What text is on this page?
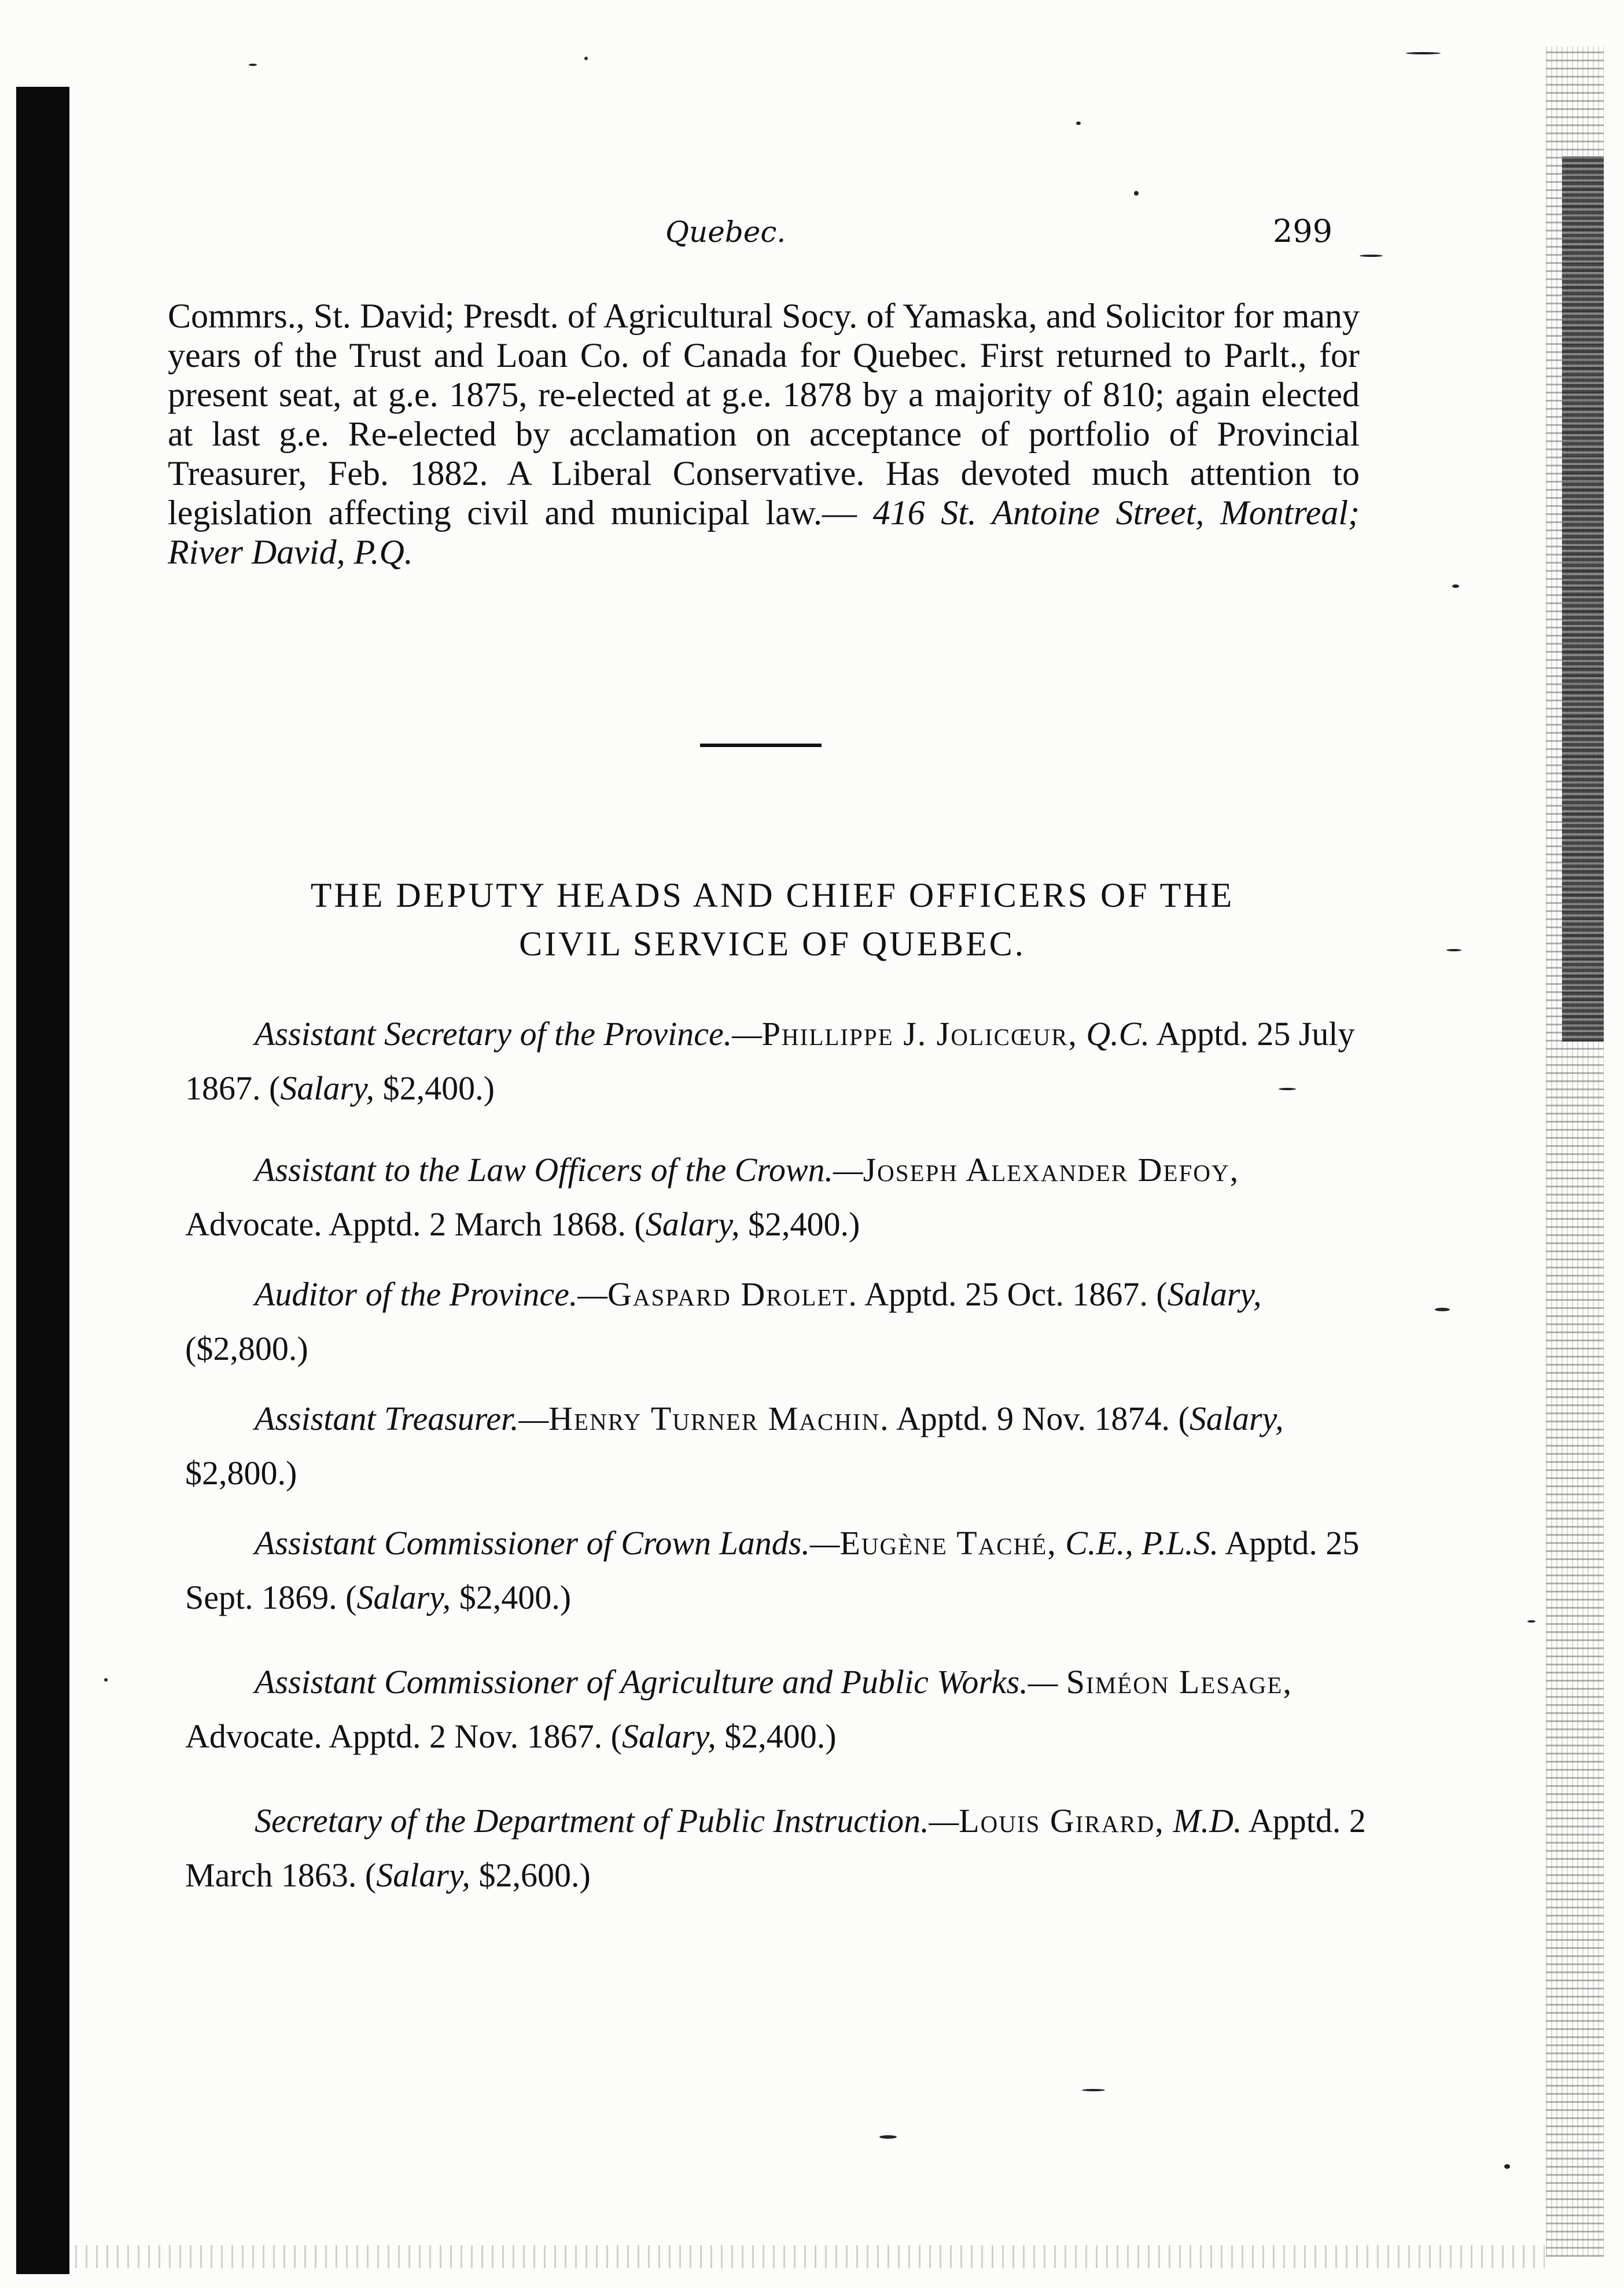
Quebec.	299
Commrs., St. David; Presdt. of Agricultural Socy. of Yamaska, and Solicitor for many years of the Trust and Loan Co. of Canada for Quebec. First returned to Parlt., for present seat, at g.e. 1875, re-elected at g.e. 1878 by a majority of 810; again elected at last g.e. Re-elected by acclamation on acceptance of portfolio of Provincial Treasurer, Feb. 1882. A Liberal Conservative. Has devoted much attention to legislation affecting civil and municipal law.— 416 St. Antoine Street, Montreal; River David, P.Q.
THE DEPUTY HEADS AND CHIEF OFFICERS OF THE
CIVIL SERVICE OF QUEBEC.
Assistant Secretary of the Province.—Phillippe J. Jolicœur, Q.C. Apptd. 25 July 1867. (Salary, $2,400.)
Assistant to the Law Officers of the Crown.—Joseph Alexander Defoy, Advocate. Apptd. 2 March 1868. (Salary, $2,400.)
Auditor of the Province.—Gaspard Drolet. Apptd. 25 Oct. 1867. (Salary, ($2,800.)
Assistant Treasurer.—Henry Turner Machin. Apptd. 9 Nov. 1874. (Salary, $2,800.)
Assistant Commissioner of Crown Lands.—Eugène Taché, C.E., P.L.S. Apptd. 25 Sept. 1869. (Salary, $2,400.)
Assistant Commissioner of Agriculture and Public Works.— Siméon Lesage, Advocate. Apptd. 2 Nov. 1867. (Salary, $2,400.)
Secretary of the Department of Public Instruction.—Louis Girard, M.D. Apptd. 2 March 1863. (Salary, $2,600.)
